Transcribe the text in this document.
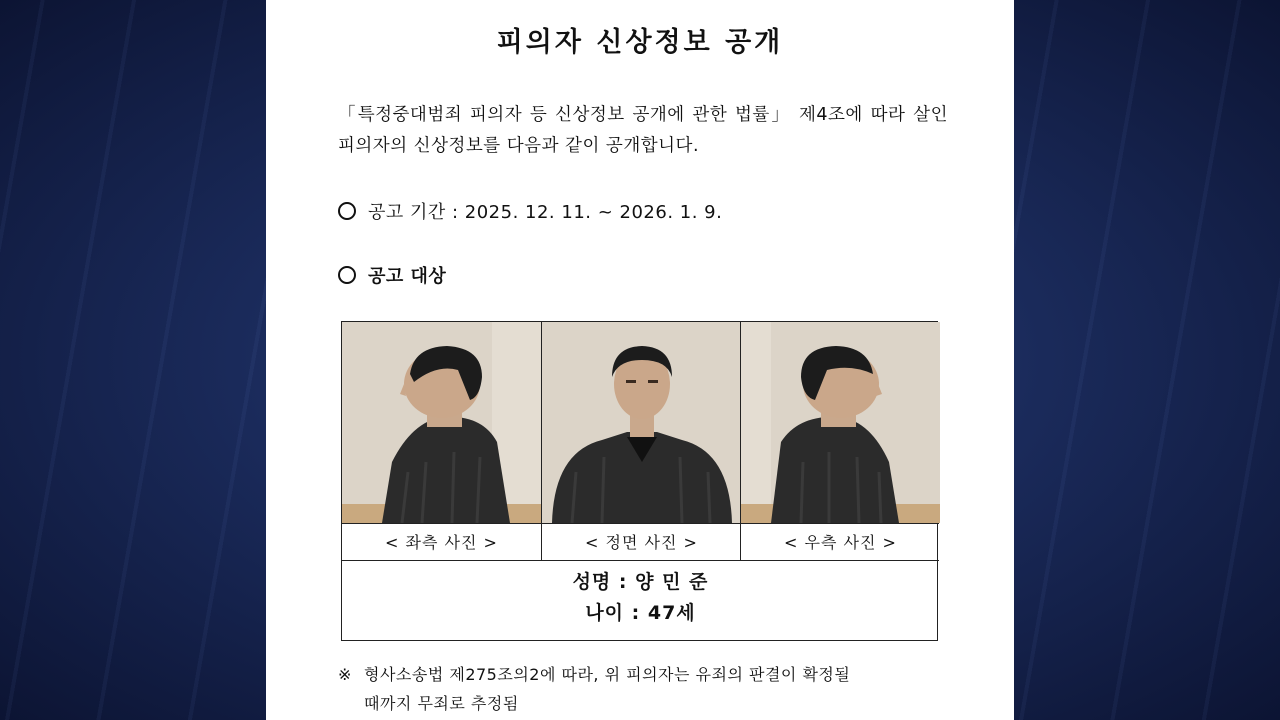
피의자 신상정보 공개
「특정중대범죄 피의자 등 신상정보 공개에 관한 법률」 제4조에 따라 살인 피의자의 신상정보를 다음과 같이 공개합니다.
공고 기간 : 2025. 12. 11. ~ 2026. 1. 9.
공고 대상
< 좌측 사진 >	< 정면 사진 >	< 우측 사진 >
성명 : 양 민 준
나이 : 47세
※ 형사소송법 제275조의2에 따라, 위 피의자는 유죄의 판결이 확정될
때까지 무죄로 추정됨
